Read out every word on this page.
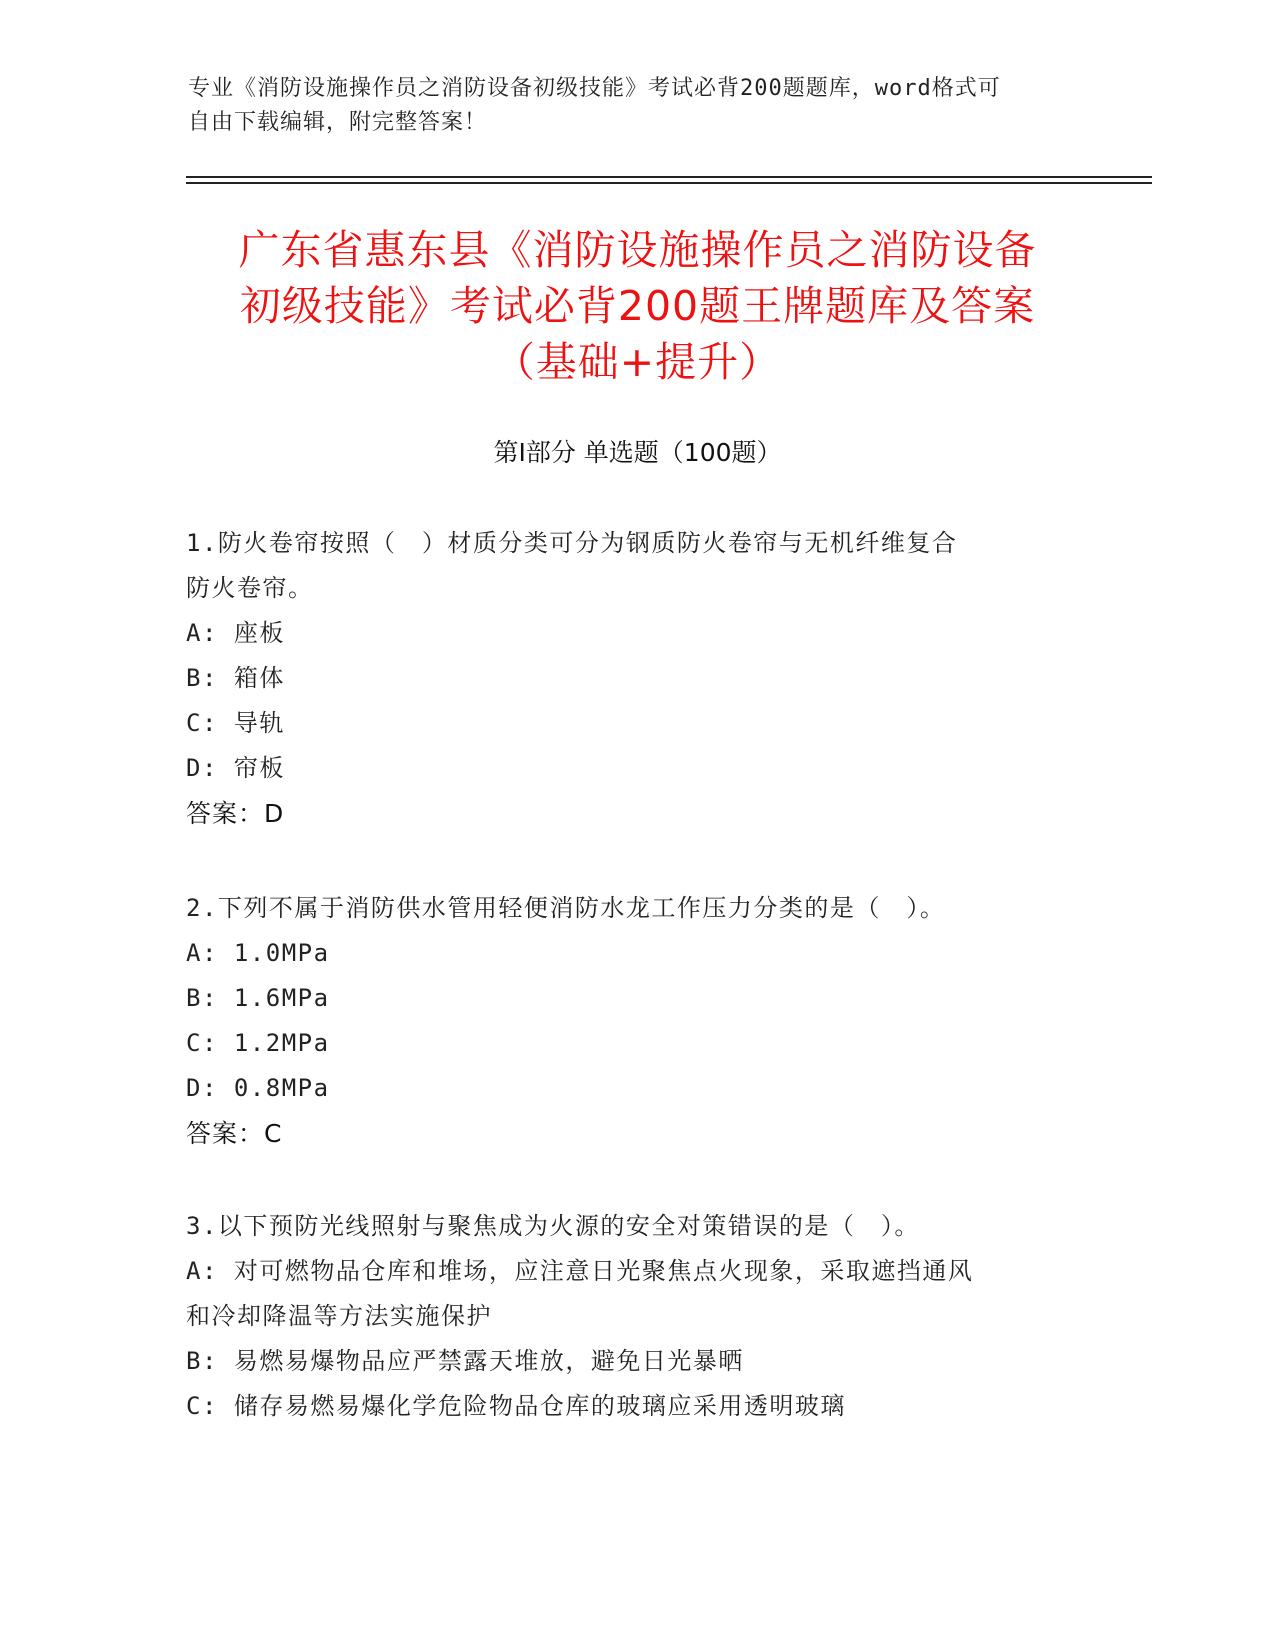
专业《消防设施操作员之消防设备初级技能》考试必背200题题库，word格式可
自由下载编辑，附完整答案！
广东省惠东县《消防设施操作员之消防设备
初级技能》考试必背200题王牌题库及答案
（基础+提升）
第Ⅰ部分 单选题（100题）
1.防火卷帘按照（　）材质分类可分为钢质防火卷帘与无机纤维复合
防火卷帘。
A: 座板
B: 箱体
C: 导轨
D: 帘板
答案：D
2.下列不属于消防供水管用轻便消防水龙工作压力分类的是（　）。
A: 1.0MPa
B: 1.6MPa
C: 1.2MPa
D: 0.8MPa
答案：C
3.以下预防光线照射与聚焦成为火源的安全对策错误的是（　）。
A: 对可燃物品仓库和堆场，应注意日光聚焦点火现象，采取遮挡通风
和冷却降温等方法实施保护
B: 易燃易爆物品应严禁露天堆放，避免日光暴晒
C: 储存易燃易爆化学危险物品仓库的玻璃应采用透明玻璃
